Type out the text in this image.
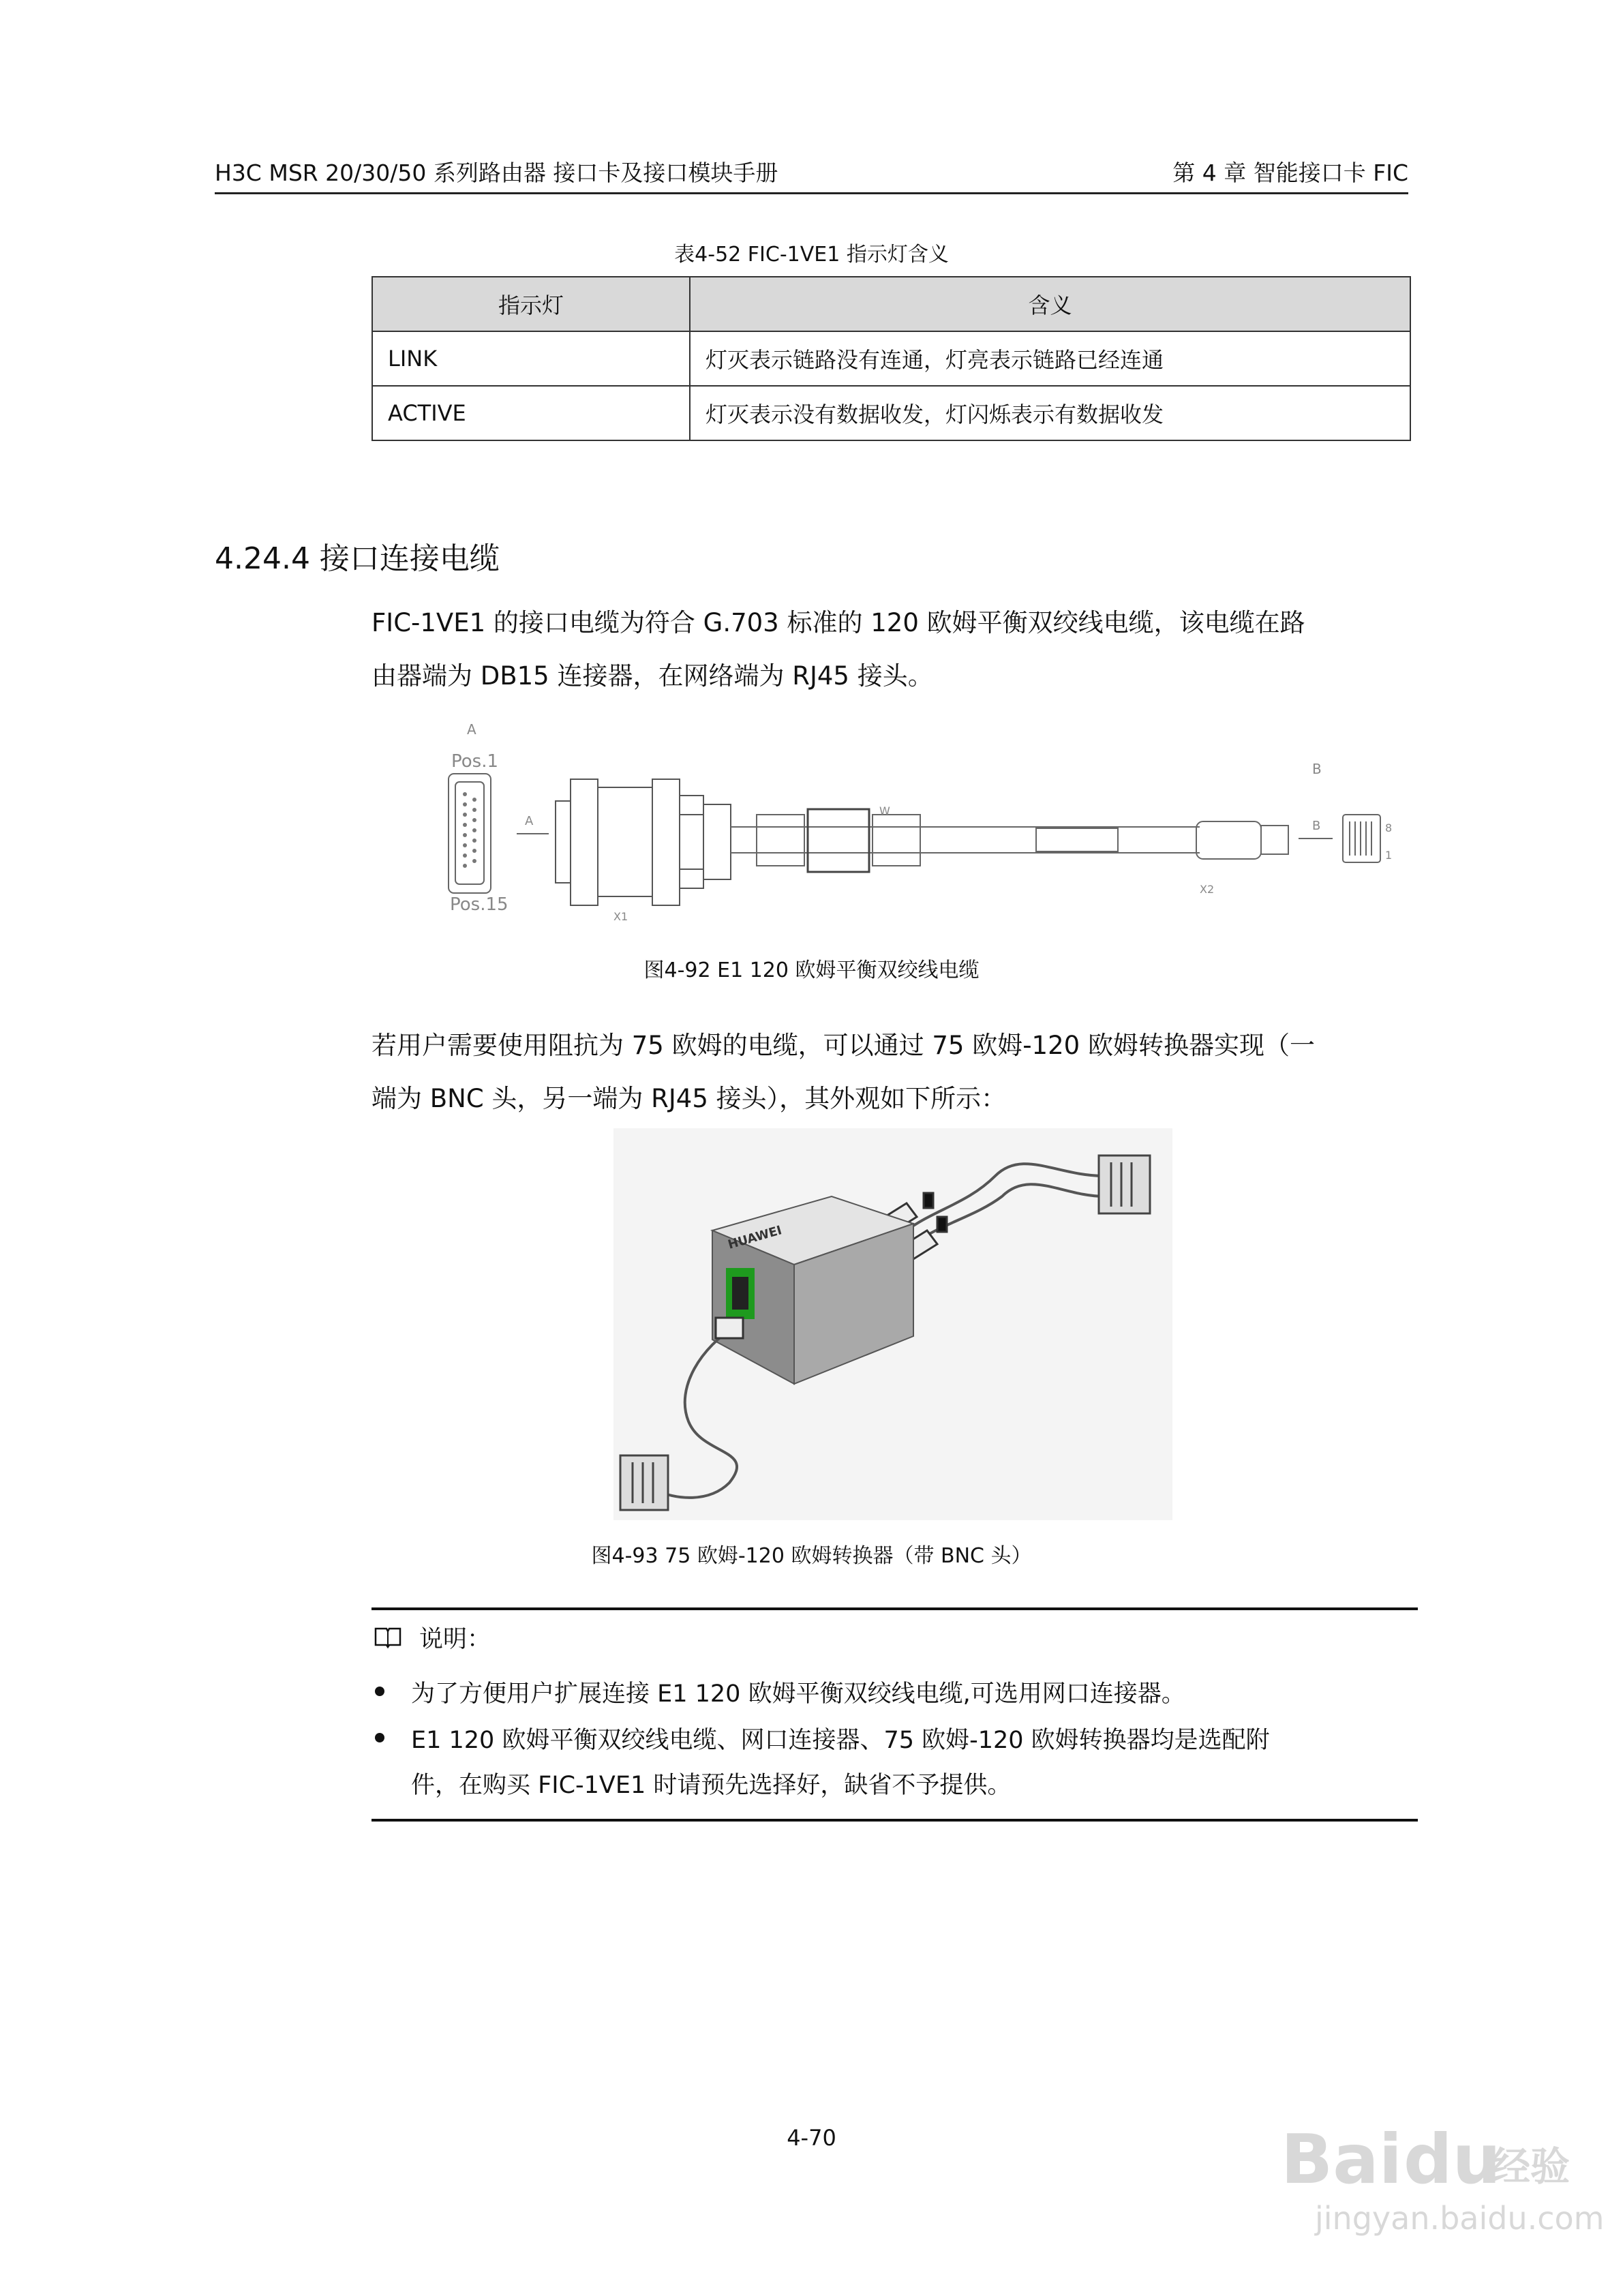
H3C MSR 20/30/50 系列路由器 接口卡及接口模块手册	第 4 章 智能接口卡 FIC
表4-52 FIC-1VE1 指示灯含义
指示灯	含义
LINK	灯灭表示链路没有连通，灯亮表示链路已经连通
ACTIVE	灯灭表示没有数据收发，灯闪烁表示有数据收发
4.24.4 接口连接电缆
FIC-1VE1 的接口电缆为符合 G.703 标准的 120 欧姆平衡双绞线电缆，该电缆在路
由器端为 DB15 连接器，在网络端为 RJ45 接头。
A
Pos.1
Pos.15
A
W
B
B
8
1
X1
X2
图4-92 E1 120 欧姆平衡双绞线电缆
若用户需要使用阻抗为 75 欧姆的电缆，可以通过 75 欧姆-120 欧姆转换器实现（一
端为 BNC 头，另一端为 RJ45 接头），其外观如下所示：
HUAWEI
图4-93 75 欧姆-120 欧姆转换器（带 BNC 头）
说明：
为了方便用户扩展连接 E1 120 欧姆平衡双绞线电缆,可选用网口连接器。
E1 120 欧姆平衡双绞线电缆、网口连接器、75 欧姆-120 欧姆转换器均是选配附
件，在购买 FIC-1VE1 时请预先选择好，缺省不予提供。
4-70	Bai du
经验
jingyan.baidu.com
